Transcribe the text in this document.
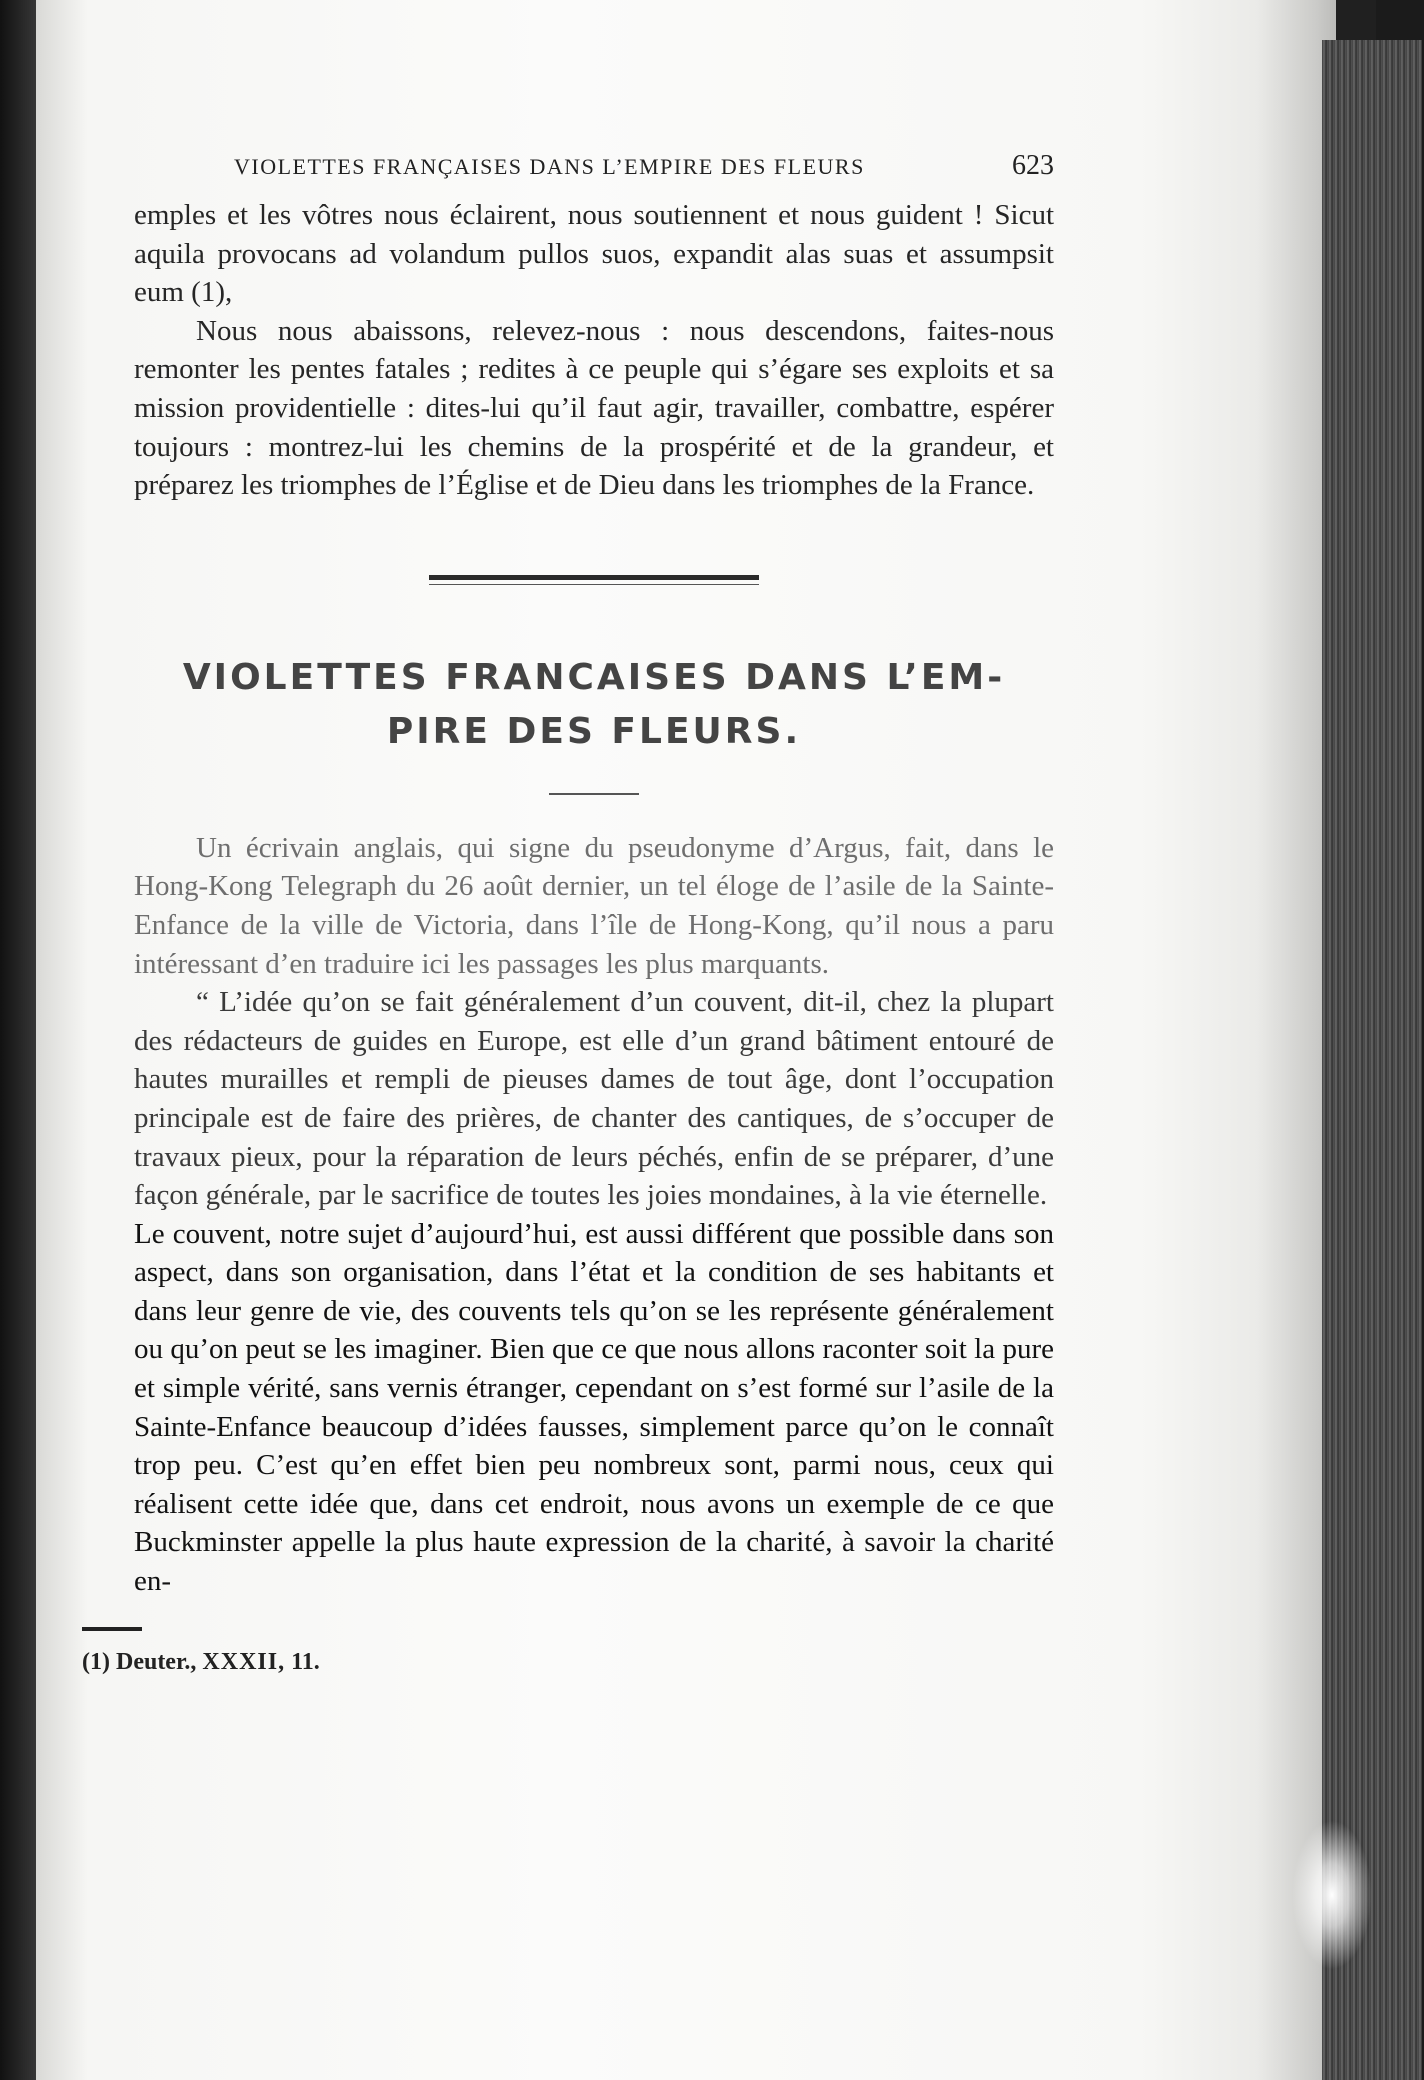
VIOLETTES FRANÇAISES DANS L’EMPIRE DES FLEURS	623

emples et les vôtres nous éclairent, nous soutiennent et nous guident ! Sicut aquila provocans ad volandum pullos suos, expandit alas suas et assumpsit eum (1),

Nous nous abaissons, relevez-nous : nous descendons, faites-nous remonter les pentes fatales ; redites à ce peuple qui s’égare ses exploits et sa mission providentielle : dites-lui qu’il faut agir, travailler, combattre, espérer toujours : montrez-lui les chemins de la prospérité et de la grandeur, et préparez les triomphes de l’Église et de Dieu dans les triomphes de la France.

VIOLETTES FRANCAISES DANS L’EM-
PIRE DES FLEURS.

Un écrivain anglais, qui signe du pseudonyme d’Argus, fait, dans le Hong-Kong Telegraph du 26 août dernier, un tel éloge de l’asile de la Sainte-Enfance de la ville de Victoria, dans l’île de Hong-Kong, qu’il nous a paru intéressant d’en traduire ici les passages les plus marquants.

“ L’idée qu’on se fait généralement d’un couvent, dit-il, chez la plupart des rédacteurs de guides en Europe, est elle d’un grand bâtiment entouré de hautes murailles et rempli de pieuses dames de tout âge, dont l’occupation principale est de faire des prières, de chanter des cantiques, de s’occuper de travaux pieux, pour la réparation de leurs péchés, enfin de se préparer, d’une façon générale, par le sacrifice de toutes les joies mondaines, à la vie éternelle.

Le couvent, notre sujet d’aujourd’hui, est aussi différent que possible dans son aspect, dans son organisation, dans l’état et la condition de ses habitants et dans leur genre de vie, des couvents tels qu’on se les représente généralement ou qu’on peut se les imaginer. Bien que ce que nous allons raconter soit la pure et simple vérité, sans vernis étranger, cependant on s’est formé sur l’asile de la Sainte-Enfance beaucoup d’idées fausses, simplement parce qu’on le connaît trop peu. C’est qu’en effet bien peu nombreux sont, parmi nous, ceux qui réalisent cette idée que, dans cet endroit, nous avons un exemple de ce que Buckminster appelle la plus haute expression de la charité, à savoir la charité en-

(1) Deuter., XXXII, 11.
